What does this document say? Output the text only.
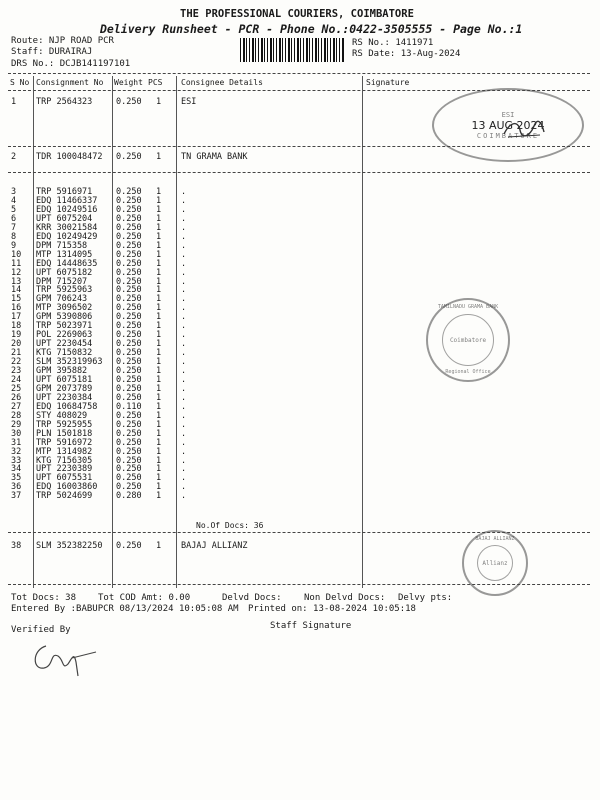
THE PROFESSIONAL COURIERS, COIMBATORE
Delivery Runsheet - PCR - Phone No.:0422-3505555 - Page No.:1
Route: NJP ROAD PCR
Staff: DURAIRAJ
DRS No.: DCJB141197101
RS No.: 1411971
RS Date: 13-Aug-2024
S No Consignment No Weight PCS Consignee Details	Signature
1 TRP 2564323	0.250 1 ESI
2 TDR 100048472 0.250 1 TN GRAMA BANK
3 TRP 5916971	0.250 1 .
4 EDQ 11466337 0.250 1 .
5 EDQ 10249516 0.250 1 .
6 UPT 6075204	0.250 1 .
7 KRR 30021584 0.250 1 .
8 EDQ 10249429 0.250 1 .
9 DPM 715358	0.250 1 .
10 MTP 1314095	0.250 1 .
11 EDQ 14448635 0.250 1 .
12 UPT 6075182	0.250 1 .
13 DPM 715207	0.250 1 .
14 TRP 5925963	0.250 1 .
15 GPM 706243	0.250 1 .
16 MTP 3096502	0.250 1 .
17 GPM 5390806	0.250 1 .
18 TRP 5023971	0.250 1 .
19 POL 2269063	0.250 1 .
20 UPT 2230454	0.250 1 .
21 KTG 7150832	0.250 1 .
22 SLM 352319963 0.250 1 .
23 GPM 395882	0.250 1 .
24 UPT 6075181	0.250 1 .
25 GPM 2073789	0.250 1 .
26 UPT 2230384	0.250 1 .
27 EDQ 10684758 0.110 1 .
28 STY 408029	0.250 1 .
29 TRP 5925955	0.250 1 .
30 PLN 1501818	0.250 1 .
31 TRP 5916972	0.250 1 .
32 MTP 1314982	0.250 1 .
33 KTG 7156305	0.250 1 .
34 UPT 2230389	0.250 1 .
35 UPT 6075531	0.250 1 .
36 EDQ 16003860 0.250 1 .
37 TRP 5024699	0.280 1 .
38 SLM 352382250 0.250 1 BAJAJ ALLIANZ
No.Of Docs: 36
ESI
13 AUG 2024
COIMBATORE
Coimbatore
TAMILNADU GRAMA BANK
Regional Office
Allianz
BAJAJ ALLIANZ
Tot Docs: 38 Tot COD Amt: 0.00	Delvd Docs: Non Delvd Docs: Delvy pts:
Entered By :BABUPCR 08/13/2024 10:05:08 AM Printed on: 13-08-2024 10:05:18
Verified By	Staff Signature
